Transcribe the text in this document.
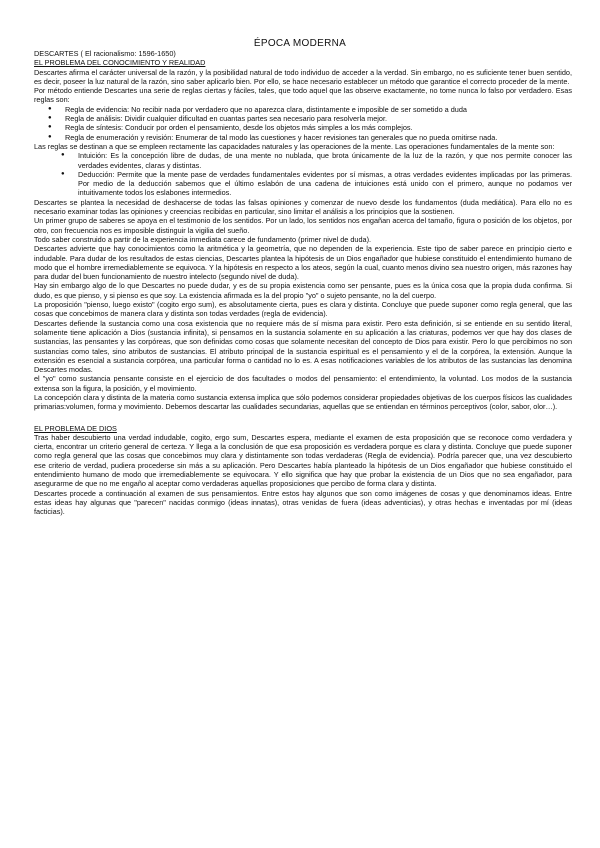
ÉPOCA MODERNA
DESCARTES ( El racionalismo: 1596-1650)
EL PROBLEMA DEL CONOCIMIENTO Y REALIDAD

Descartes afirma el carácter universal de la razón, y la posibilidad natural de todo individuo de acceder a la verdad. Sin embargo, no es suficiente tener buen sentido, es decir, poseer la luz natural de la razón, sino saber aplicarlo bien. Por ello, se hace necesario establecer un método que garantice el correcto proceder de la mente.

Por método entiende Descartes una serie de reglas ciertas y fáciles, tales, que todo aquel que las observe exactamente, no tome nunca lo falso por verdadero. Esas reglas son:

● Regla de evidencia: No recibir nada por verdadero que no aparezca clara, distintamente e imposible de ser sometido a duda
● Regla de análisis: Dividir cualquier dificultad en cuantas partes sea necesario para resolverla mejor.
● Regla de síntesis: Conducir por orden el pensamiento, desde los objetos más simples a los más complejos.
● Regla de enumeración y revisión: Enumerar de tal modo las cuestiones y hacer revisiones tan generales que no pueda omitirse nada.

Las reglas se destinan a que se empleen rectamente las capacidades naturales y las operaciones de la mente. Las operaciones fundamentales de la mente son:

● Intuición: Es la concepción libre de dudas, de una mente no nublada, que brota únicamente de la luz de la razón, y que nos permite conocer las verdades evidentes, claras y distintas.
● Deducción: Permite que la mente pase de verdades fundamentales evidentes por sí mismas, a otras verdades evidentes implicadas por las primeras. Por medio de la deducción sabemos que el último eslabón de una cadena de intuiciones está unido con el primero, aunque no podamos ver intuitivamente todos los eslabones intermedios.

Descartes se plantea la necesidad de deshacerse de todas las falsas opiniones y comenzar de nuevo desde los fundamentos (duda mediática). Para ello no es necesario examinar todas las opiniones y creencias recibidas en particular, sino limitar el análisis a los principios que la sostienen.

Un primer grupo de saberes se apoya en el testimonio de los sentidos. Por un lado, los sentidos nos engañan acerca del tamaño, figura o posición de los objetos, por otro, con frecuencia nos es imposible distinguir la vigilia del sueño.

Todo saber construido a partir de la experiencia inmediata carece de fundamento (primer nivel de duda).

Descartes advierte que hay conocimientos como la aritmética y la geometría, que no dependen de la experiencia. Este tipo de saber parece en principio cierto e indudable. Para dudar de los resultados de estas ciencias, Descartes plantea la hipótesis de un Dios engañador que hubiese constituido el entendimiento humano de modo que el hombre irremediablemente se equivoca. Y la hipótesis en respecto a los ateos, según la cual, cuanto menos divino sea nuestro origen, más razones hay para dudar del buen funcionamiento de nuestro intelecto (segundo nivel de duda).

Hay sin embargo algo de lo que Descartes no puede dudar, y es de su propia existencia como ser pensante, pues es la única cosa que la propia duda confirma. Si dudo, es que pienso, y si pienso es que soy. La existencia afirmada es la del propio "yo" o sujeto pensante, no la del cuerpo.

La proposición "pienso, luego existo" (cogito ergo sum), es absolutamente cierta, pues es clara y distinta. Concluye que puede suponer como regla general, que las cosas que concebimos de manera clara y distinta son todas verdades (regla de evidencia).

Descartes defiende la sustancia como una cosa existencia que no requiere más de sí misma para existir. Pero esta definición, si se entiende en su sentido literal, solamente tiene aplicación a Dios (sustancia infinita), si pensamos en la sustancia solamente en su aplicación a las criaturas, podemos ver que hay dos clases de sustancias, las pensantes y las corpóreas, que son definidas como cosas que solamente necesitan del concepto de Dios para existir. Pero lo que percibimos no son sustancias como tales, sino atributos de sustancias. El atributo principal de la sustancia espiritual es el pensamiento y el de la corpórea, la extensión. Aunque la extensión es esencial a sustancia corpórea, una particular forma o cantidad no lo es. A esas notificaciones variables de los atributos de las sustancias las denomina Descartes modas.

el "yo" como sustancia pensante consiste en el ejercicio de dos facultades o modos del pensamiento: el entendimiento, la voluntad. Los modos de la sustancia extensa son la figura, la posición, y el movimiento.

La concepción clara y distinta de la materia como sustancia extensa implica que sólo podemos considerar propiedades objetivas de los cuerpos físicos las cualidades primarias:volumen, forma y movimiento. Debemos descartar las cualidades secundarias, aquellas que se entiendan en términos perceptivos (color, sabor, olor…).

EL PROBLEMA DE DIOS

Tras haber descubierto una verdad indudable, cogito, ergo sum, Descartes espera, mediante el examen de esta proposición que se reconoce como verdadera y cierta, encontrar un criterio general de certeza. Y llega a la conclusión de que esa proposición es verdadera porque es clara y distinta. Concluye que puede suponer como regla general que las cosas que concebimos muy clara y distintamente son todas verdaderas (Regla de evidencia). Podría parecer que, una vez descubierto ese criterio de verdad, pudiera procederse sin más a su aplicación. Pero Descartes había planteado la hipótesis de un Dios engañador que hubiese constituido el entendimiento humano de modo que irremediablemente se equivocara. Y ello significa que hay que probar la existencia de un Dios que no sea engañador, para asegurarme de que no me engaño al aceptar como verdaderas aquellas proposiciones que percibo de forma clara y distinta.

Descartes procede a continuación al examen de sus pensamientos. Entre estos hay algunos que son como imágenes de cosas y que denominamos ideas. Entre estas ideas hay algunas que "parecen" nacidas conmigo (ideas innatas), otras venidas de fuera (ideas adventicias), y otras hechas e inventadas por mí (ideas facticias).
